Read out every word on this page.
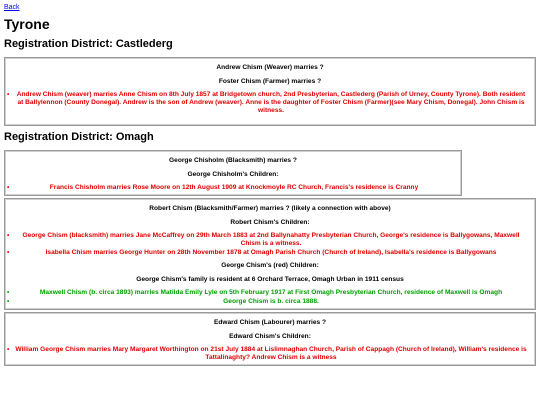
Back
Tyrone
Registration District: Castlederg
Andrew Chism (Weaver) marries ?
Foster Chism (Farmer) marries ?
• Andrew Chism (weaver) marries Anne Chism on 8th July 1857 at Bridgetown church, 2nd Presbyterian, Castlederg (Parish of Urney, County Tyrone). Both resident at Ballylennon (County Donegal). Andrew is the son of Andrew (weaver). Anne is the daughter of Foster Chism (Farmer)(see Mary Chism, Donegal). John Chism is witness.
Registration District: Omagh
George Chisholm (Blacksmith) marries ?
George Chisholm's Children:
• Francis Chisholm marries Rose Moore on 12th August 1909 at Knockmoyle RC Church, Francis's residence is Cranny
Robert Chism (Blacksmith/Farmer) marries ? (likely a connection with above)
Robert Chism's Children:
• George Chism (blacksmith) marries Jane McCaffrey on 29th March 1883 at 2nd Ballynahatty Presbyterian Church, George's residence is Ballygowans, Maxwell Chism is a witness.
• Isabella Chism marries George Hunter on 28th November 1878 at Omagh Parish Church (Church of Ireland), Isabella's residence is Ballygowans
George Chism's (red) Children:
George Chism's family is resident at 6 Orchard Terrace, Omagh Urban in 1911 census
• Maxwell Chism (b. circa 1893) marries Matilda Emily Lyle on 5th February 1917 at First Omagh Presbyterian Church, residence of Maxwell is Omagh
• George Chism is b. circa 1888.
Edward Chism (Labourer) marries ?
Edward Chism's Children:
• William George Chism marries Mary Margaret Worthington on 21st July 1884 at Lislimnaghan Church, Parish of Cappagh (Church of Ireland), William's residence is Tattalinaghty? Andrew Chism is a witness
